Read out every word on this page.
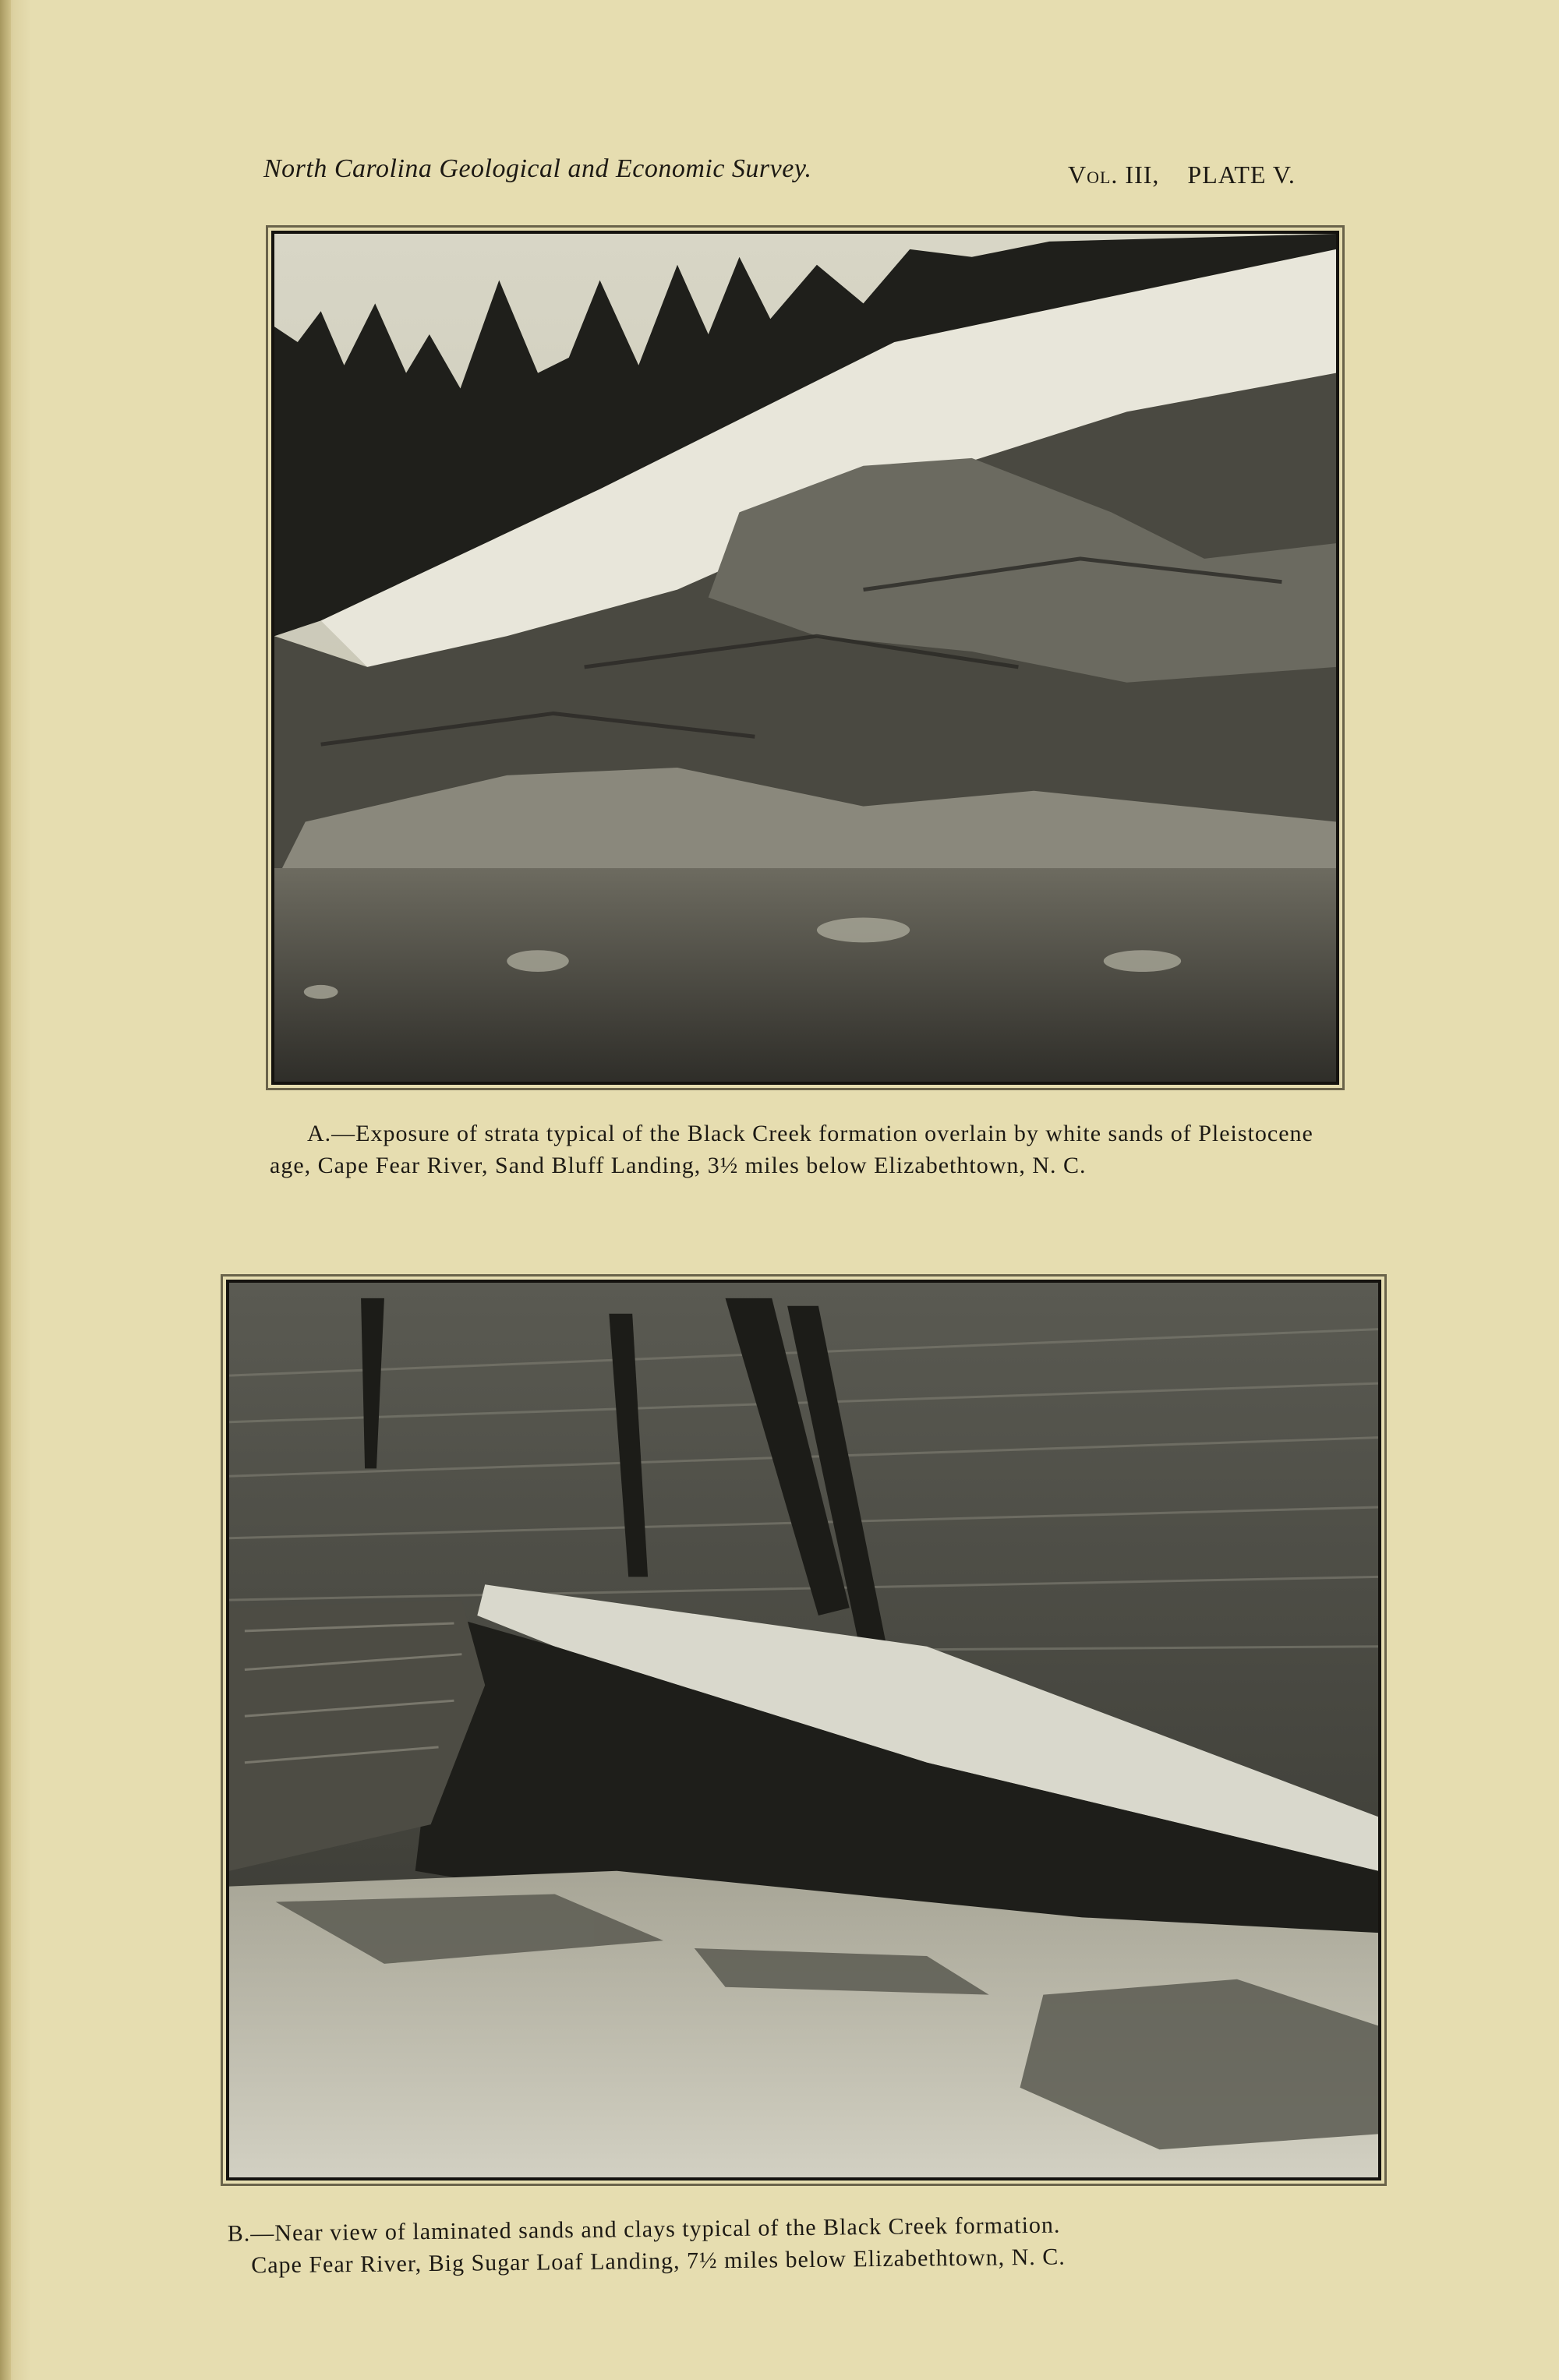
North Carolina Geological and Economic Survey.	Vol. III, PLATE V.
A.—Exposure of strata typical of the Black Creek formation overlain by white sands of Pleistocene age, Cape Fear River, Sand Bluff Landing, 3½ miles below Elizabethtown, N. C.
B.—Near view of laminated sands and clays typical of the Black Creek formation.
Cape Fear River, Big Sugar Loaf Landing, 7½ miles below Elizabethtown, N. C.
